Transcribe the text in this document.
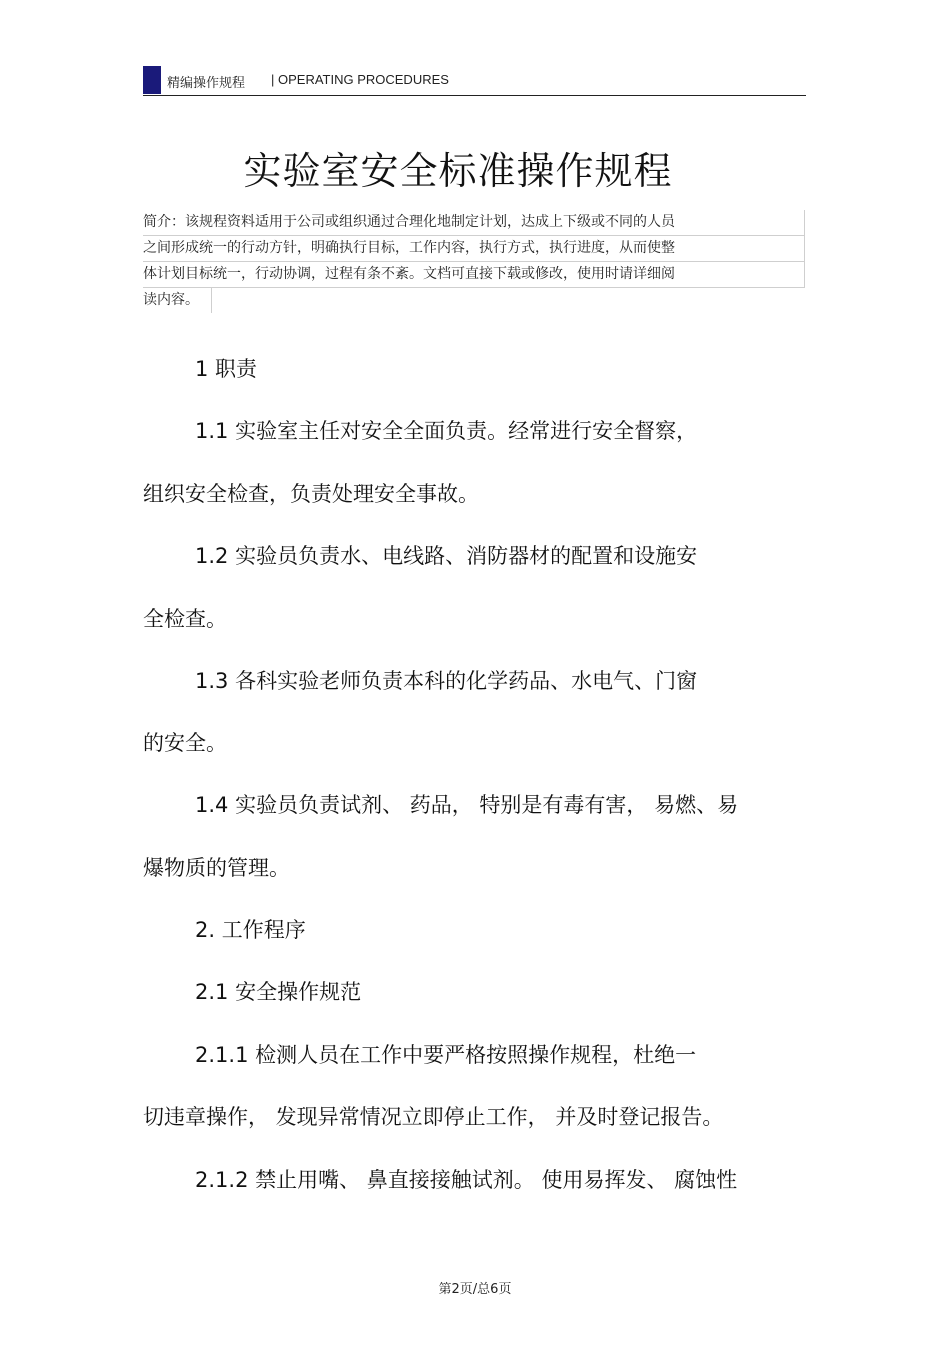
精编操作规程 | OPERATING PROCEDURES
实验室安全标准操作规程
简介：该规程资料适用于公司或组织通过合理化地制定计划，达成上下级或不同的人员
之间形成统一的行动方针，明确执行目标，工作内容，执行方式，执行进度，从而使整
体计划目标统一，行动协调，过程有条不紊。文档可直接下载或修改，使用时请详细阅
读内容。
1 职责
1.1 实验室主任对安全全面负责。经常进行安全督察，
组织安全检查，负责处理安全事故。
1.2 实验员负责水、电线路、消防器材的配置和设施安
全检查。
1.3 各科实验老师负责本科的化学药品、水电气、门窗
的安全。
1.4 实验员负责试剂、 药品， 特别是有毒有害， 易燃、易
爆物质的管理。
2. 工作程序
2.1 安全操作规范
2.1.1 检测人员在工作中要严格按照操作规程，杜绝一
切违章操作， 发现异常情况立即停止工作， 并及时登记报告。
2.1.2 禁止用嘴、 鼻直接接触试剂。 使用易挥发、 腐蚀性
第2页/总6页
